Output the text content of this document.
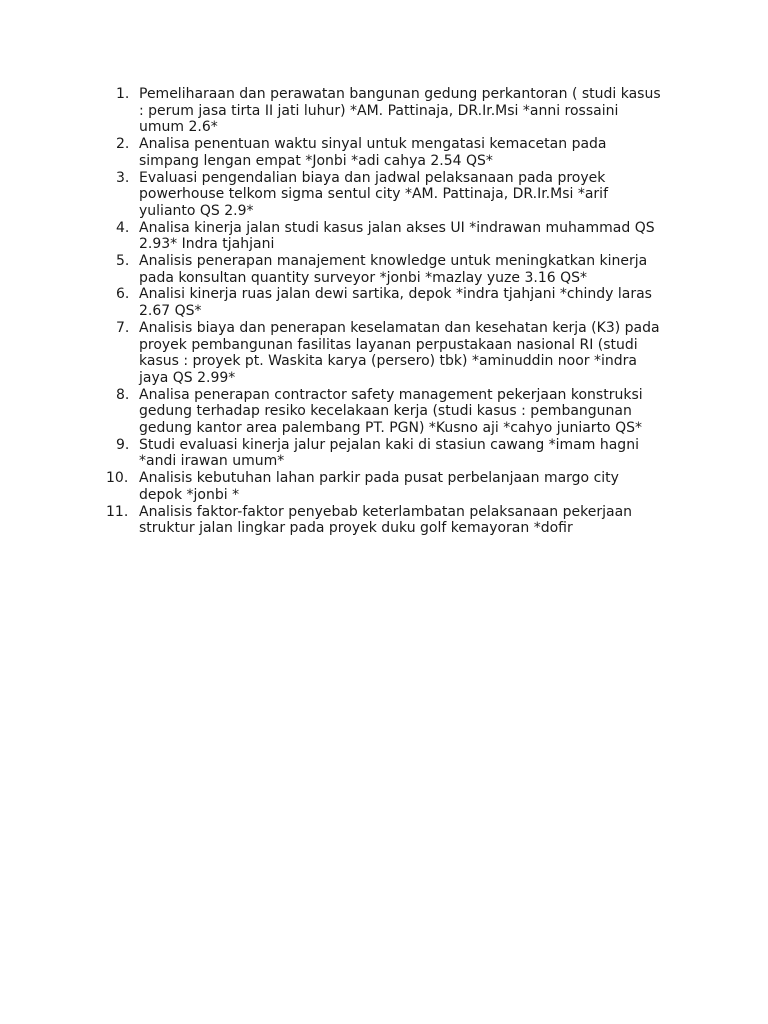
1. Pemeliharaan dan perawatan bangunan gedung perkantoran ( studi kasus : perum jasa tirta II jati luhur) *AM. Pattinaja, DR.Ir.Msi *anni rossaini umum 2.6*
2. Analisa penentuan waktu sinyal untuk mengatasi kemacetan pada simpang lengan empat *Jonbi *adi cahya 2.54 QS*
3. Evaluasi pengendalian biaya dan jadwal pelaksanaan pada proyek powerhouse telkom sigma sentul city *AM. Pattinaja, DR.Ir.Msi *arif yulianto QS 2.9*
4. Analisa kinerja jalan studi kasus jalan akses UI *indrawan muhammad QS 2.93* Indra tjahjani
5. Analisis penerapan manajement knowledge untuk meningkatkan kinerja pada konsultan quantity surveyor *jonbi *mazlay yuze 3.16 QS*
6. Analisi kinerja ruas jalan dewi sartika, depok *indra tjahjani *chindy laras 2.67 QS*
7. Analisis biaya dan penerapan keselamatan dan kesehatan kerja (K3) pada proyek pembangunan fasilitas layanan perpustakaan nasional RI (studi kasus : proyek pt. Waskita karya (persero) tbk) *aminuddin noor *indra jaya QS 2.99*
8. Analisa penerapan contractor safety management pekerjaan konstruksi gedung terhadap resiko kecelakaan kerja (studi kasus : pembangunan gedung kantor area palembang PT. PGN) *Kusno aji *cahyo juniarto QS*
9. Studi evaluasi kinerja jalur pejalan kaki di stasiun cawang *imam hagni *andi irawan umum*
10. Analisis kebutuhan lahan parkir pada pusat perbelanjaan margo city depok *jonbi *
11. Analisis faktor-faktor penyebab keterlambatan pelaksanaan pekerjaan struktur jalan lingkar pada proyek duku golf kemayoran *dofir
